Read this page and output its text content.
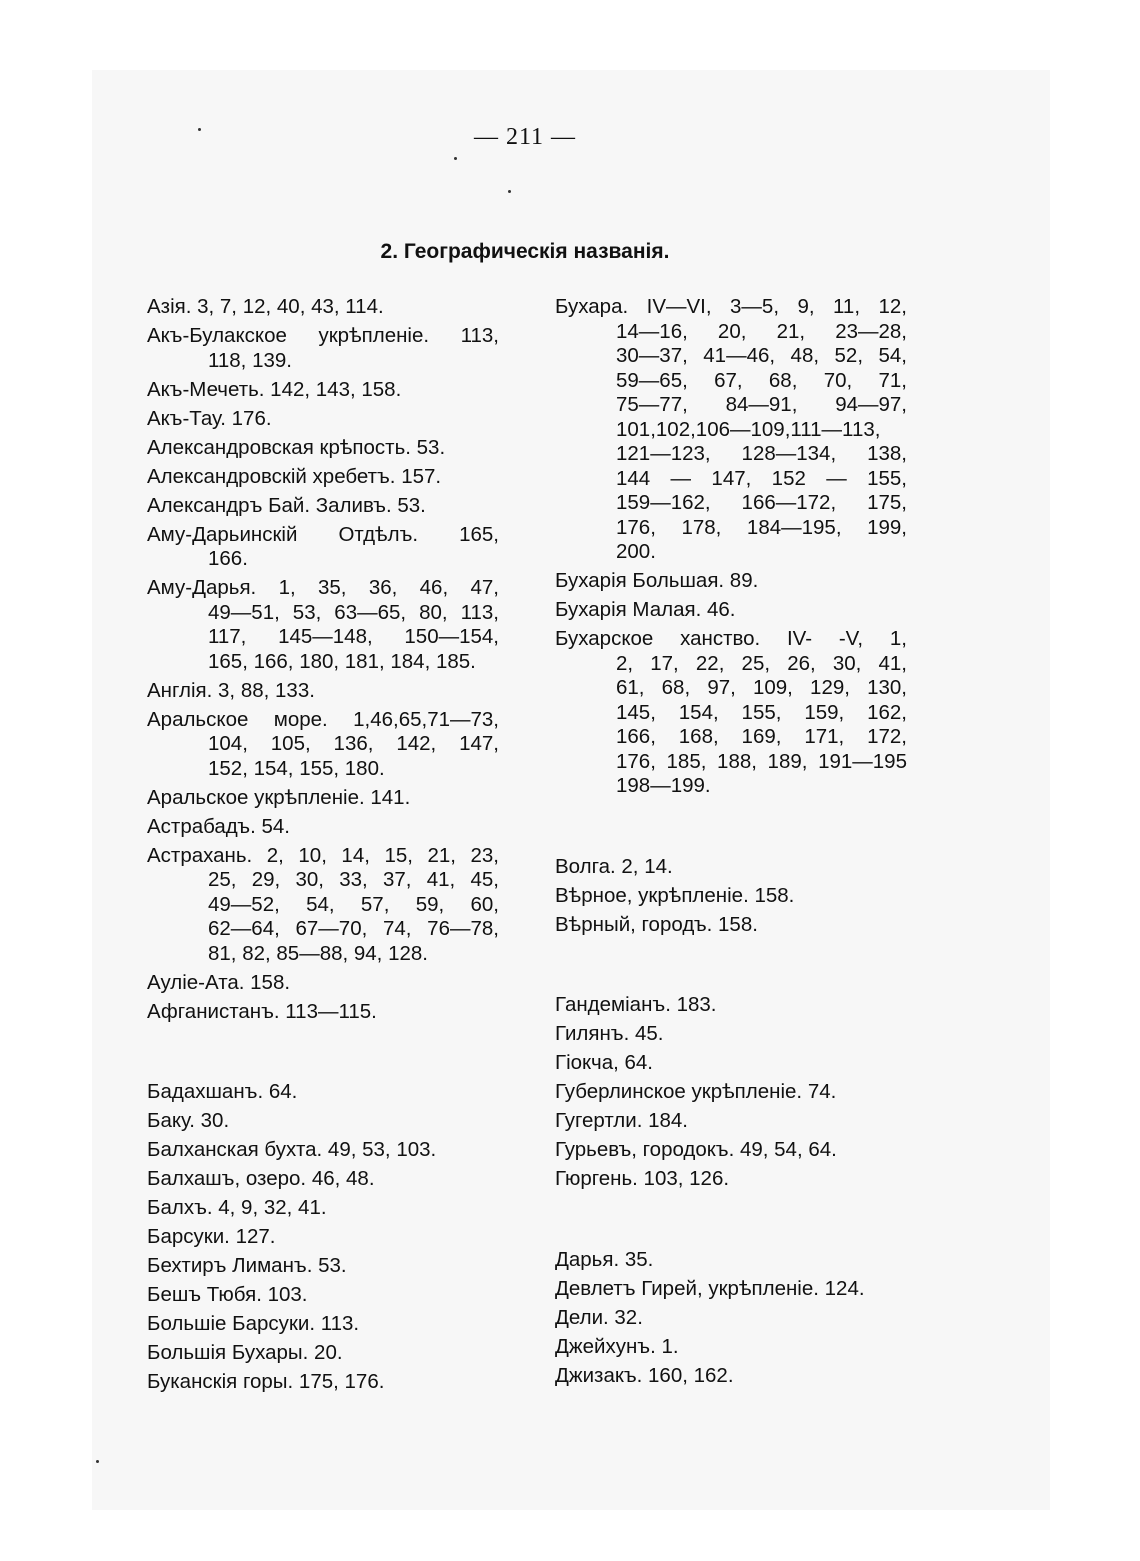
— 211 —
2. Географическія названія.
Азія. 3, 7, 12, 40, 43, 114.
Акъ-Булакское укрѣпленіе. 113,
118, 139.
Акъ-Мечеть. 142, 143, 158.
Акъ-Тау. 176.
Александровская крѣпость. 53.
Александровскій хребетъ. 157.
Александръ Бай. Заливъ. 53.
Аму-Дарьинскій Отдѣлъ. 165,
166.
Аму-Дарья. 1, 35, 36, 46, 47,
49—51, 53, 63—65, 80, 113,
117, 145—148, 150—154,
165, 166, 180, 181, 184, 185.
Англія. 3, 88, 133.
Аральское море. 1,46,65,71—73,
104, 105, 136, 142, 147,
152, 154, 155, 180.
Аральское укрѣпленіе. 141.
Астрабадъ. 54.
Астрахань. 2, 10, 14, 15, 21, 23,
25, 29, 30, 33, 37, 41, 45,
49—52, 54, 57, 59, 60,
62—64, 67—70, 74, 76—78,
81, 82, 85—88, 94, 128.
Ауліе-Ата. 158.
Афганистанъ. 113—115.
Бадахшанъ. 64.
Баку. 30.
Балханская бухта. 49, 53, 103.
Балхашъ, озеро. 46, 48.
Балхъ. 4, 9, 32, 41.
Барсуки. 127.
Бехтиръ Лиманъ. 53.
Бешъ Тюбя. 103.
Большіе Барсуки. 113.
Большія Бухары. 20.
Буканскія горы. 175, 176.
Бухара. IV—VI, 3—5, 9, 11, 12,
14—16, 20, 21, 23—28,
30—37, 41—46, 48, 52, 54,
59—65, 67, 68, 70, 71,
75—77, 84—91, 94—97,
101,102,106—109,111—113,
121—123, 128—134, 138,
144 — 147, 152 — 155,
159—162, 166—172, 175,
176, 178, 184—195, 199,
200.
Бухарія Большая. 89.
Бухарія Малая. 46.
Бухарское ханство. IV- -V, 1,
2, 17, 22, 25, 26, 30, 41,
61, 68, 97, 109, 129, 130,
145, 154, 155, 159, 162,
166, 168, 169, 171, 172,
176, 185, 188, 189, 191—195
198—199.
Волга. 2, 14.
Вѣрное, укрѣпленіе. 158.
Вѣрный, городъ. 158.
Гандеміанъ. 183.
Гилянъ. 45.
Гіокча, 64.
Губерлинское укрѣпленіе. 74.
Гугертли. 184.
Гурьевъ, городокъ. 49, 54, 64.
Гюргень. 103, 126.
Дарья. 35.
Девлетъ Гирей, укрѣпленіе. 124.
Дели. 32.
Джейхунъ. 1.
Джизакъ. 160, 162.
